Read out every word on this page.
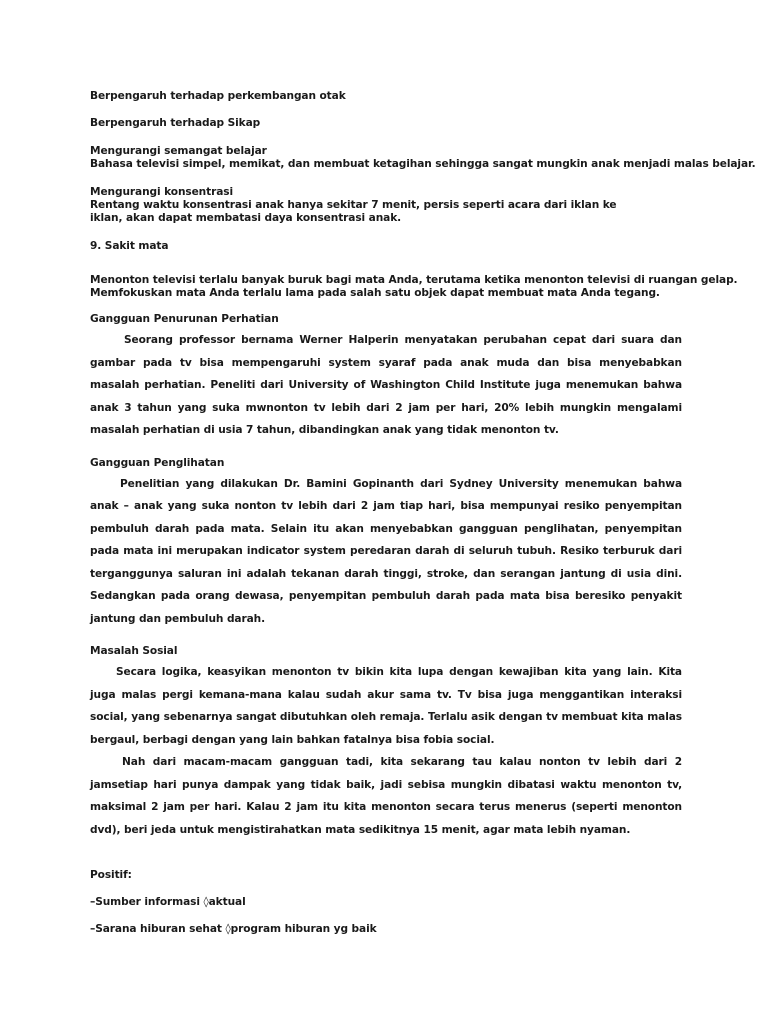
Berpengaruh terhadap perkembangan otak

Berpengaruh terhadap Sikap

Mengurangi semangat belajar

Bahasa televisi simpel, memikat, dan membuat ketagihan sehingga sangat mungkin anak menjadi malas belajar.

Mengurangi konsentrasi

Rentang waktu konsentrasi anak hanya sekitar 7 menit, persis seperti acara dari iklan ke iklan, akan dapat membatasi daya konsentrasi anak.

9. Sakit mata

Menonton televisi terlalu banyak buruk bagi mata Anda, terutama ketika menonton televisi di ruangan gelap.

Memfokuskan mata Anda terlalu lama pada salah satu objek dapat membuat mata Anda tegang.

Gangguan Penurunan Perhatian

Seorang professor bernama Werner Halperin menyatakan perubahan cepat dari suara dan gambar pada tv bisa mempengaruhi system syaraf pada anak muda dan bisa menyebabkan masalah perhatian. Peneliti dari University of Washington Child Institute juga menemukan bahwa anak 3 tahun yang suka mwnonton tv lebih dari 2 jam per hari, 20% lebih mungkin mengalami masalah perhatian di usia 7 tahun, dibandingkan anak yang tidak menonton tv.

Gangguan Penglihatan

Penelitian yang dilakukan Dr. Bamini Gopinanth dari Sydney University menemukan bahwa anak – anak yang suka nonton tv lebih dari 2 jam tiap hari, bisa mempunyai resiko penyempitan pembuluh darah pada mata. Selain itu akan menyebabkan gangguan penglihatan, penyempitan pada mata ini merupakan indicator system peredaran darah di seluruh tubuh. Resiko terburuk dari terganggunya saluran ini adalah tekanan darah tinggi, stroke, dan serangan jantung di usia dini. Sedangkan pada orang dewasa, penyempitan pembuluh darah pada mata bisa beresiko penyakit jantung dan pembuluh darah.

Masalah Sosial

Secara logika, keasyikan menonton tv bikin kita lupa dengan kewajiban kita yang lain. Kita juga malas pergi kemana-mana kalau sudah akur sama tv. Tv bisa juga menggantikan interaksi social, yang sebenarnya sangat dibutuhkan oleh remaja. Terlalu asik dengan tv membuat kita malas bergaul, berbagi dengan yang lain bahkan fatalnya bisa fobia social.

Nah dari macam-macam gangguan tadi, kita sekarang tau kalau nonton tv lebih dari 2 jamsetiap hari punya dampak yang tidak baik, jadi sebisa mungkin dibatasi waktu menonton tv, maksimal 2 jam per hari. Kalau 2 jam itu kita menonton secara terus menerus (seperti menonton dvd), beri jeda untuk mengistirahatkan mata sedikitnya 15 menit, agar mata lebih nyaman.

Positif:

–Sumber informasi ◊aktual

–Sarana hiburan sehat ◊program hiburan yg baik
